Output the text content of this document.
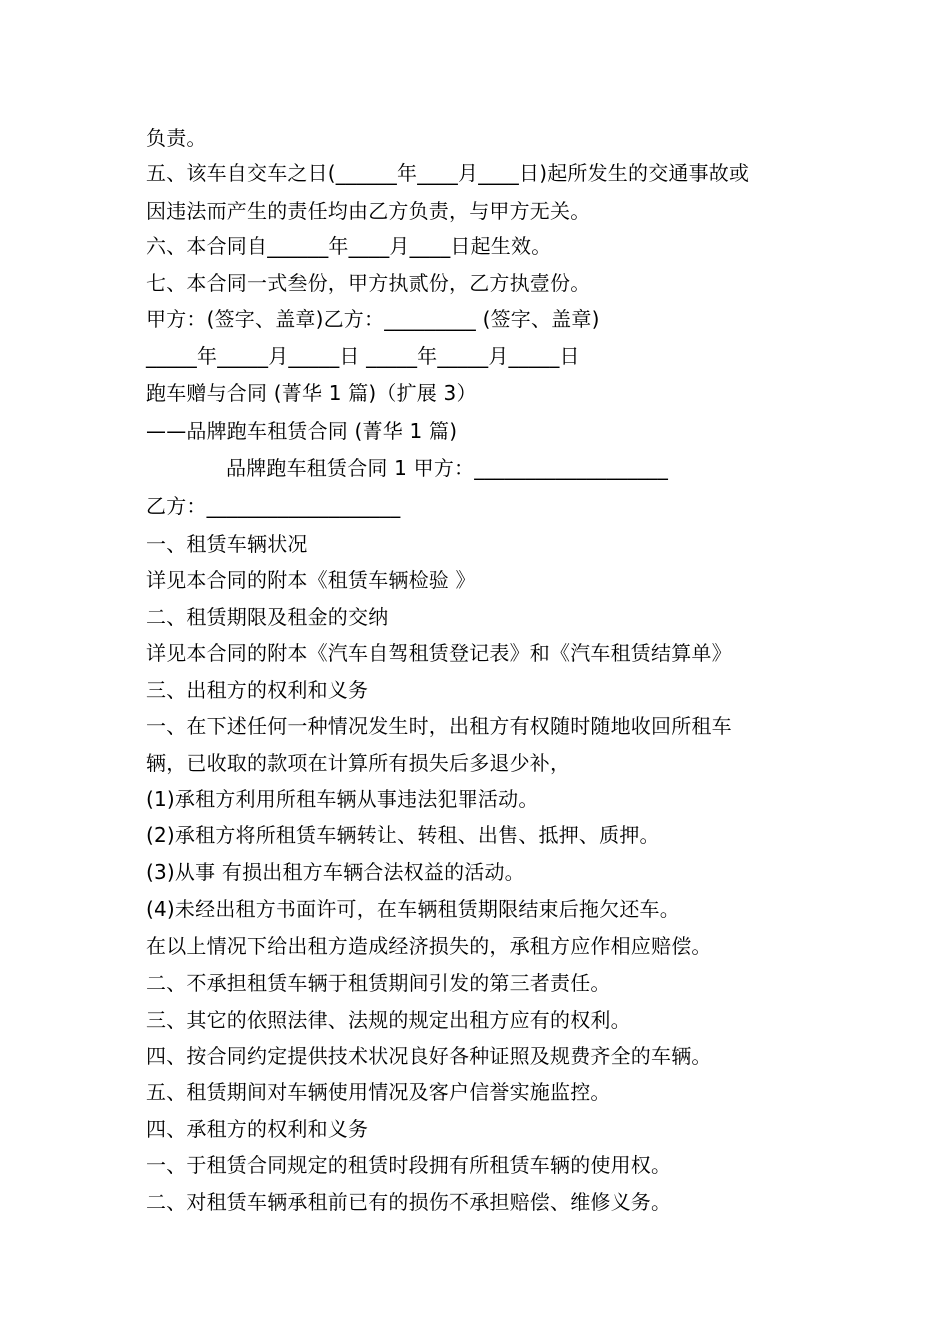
负责。
五、该车自交车之日(______年____月____日)起所发生的交通事故或
因违法而产生的责任均由乙方负责，与甲方无关。
六、本合同自______年____月____日起生效。
七、本合同一式叁份，甲方执贰份，乙方执壹份。
甲方：(签字、盖章)乙方：_________ (签字、盖章)
_____年_____月_____日 _____年_____月_____日
跑车赠与合同 (菁华 1 篇)（扩展 3）
——品牌跑车租赁合同 (菁华 1 篇)
品牌跑车租赁合同 1 甲方：___________________
乙方：___________________
一、租赁车辆状况
详见本合同的附本《租赁车辆检验 》
二、租赁期限及租金的交纳
详见本合同的附本《汽车自驾租赁登记表》和《汽车租赁结算单》
三、出租方的权利和义务
一、在下述任何一种情况发生时，出租方有权随时随地收回所租车
辆，已收取的款项在计算所有损失后多退少补，
(1)承租方利用所租车辆从事违法犯罪活动。
(2)承租方将所租赁车辆转让、转租、出售、抵押、质押。
(3)从事 有损出租方车辆合法权益的活动。
(4)未经出租方书面许可，在车辆租赁期限结束后拖欠还车。
在以上情况下给出租方造成经济损失的，承租方应作相应赔偿。
二、不承担租赁车辆于租赁期间引发的第三者责任。
三、其它的依照法律、法规的规定出租方应有的权利。
四、按合同约定提供技术状况良好各种证照及规费齐全的车辆。
五、租赁期间对车辆使用情况及客户信誉实施监控。
四、承租方的权利和义务
一、于租赁合同规定的租赁时段拥有所租赁车辆的使用权。
二、对租赁车辆承租前已有的损伤不承担赔偿、维修义务。
